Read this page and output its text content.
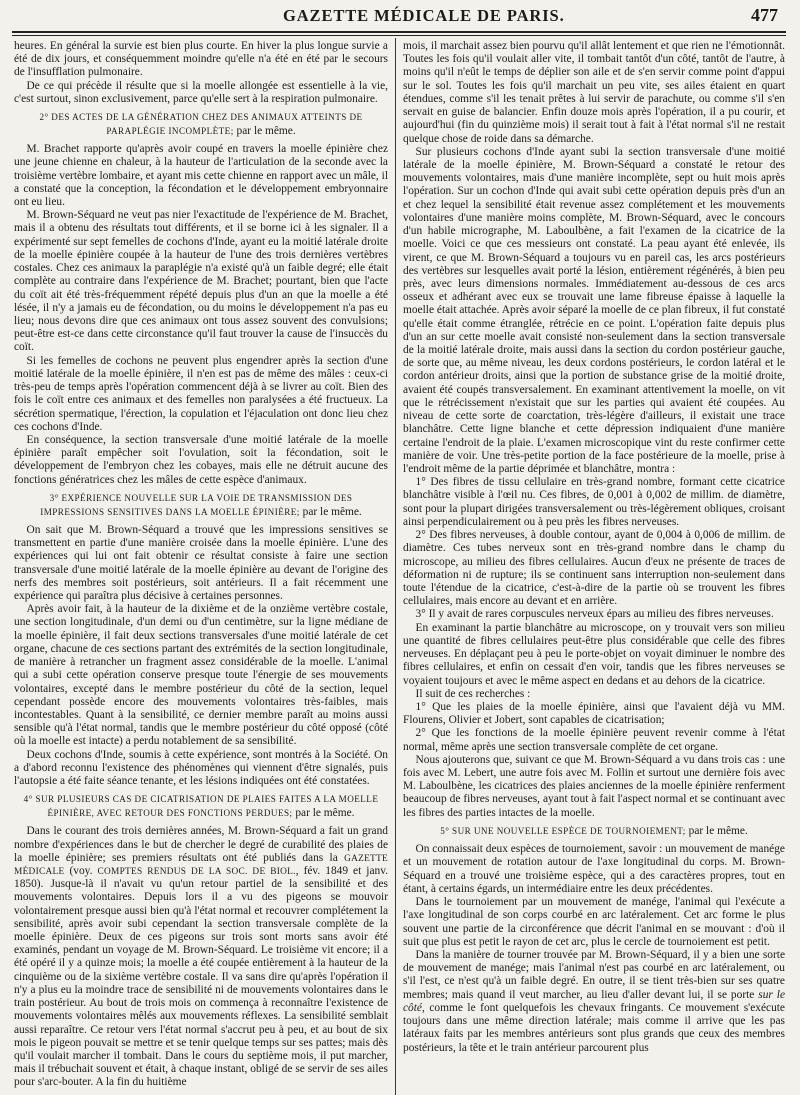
GAZETTE MÉDICALE DE PARIS.	477

heures. En général la survie est bien plus courte. En hiver la plus longue survie a été de dix jours, et conséquemment moindre qu'elle n'a été en été par le secours de l'insufflation pulmonaire.

De ce qui précède il résulte que si la moelle allongée est essentielle à la vie, c'est surtout, sinon exclusivement, parce qu'elle sert à la respiration pulmonaire.

2° DES ACTES DE LA GÉNÉRATION CHEZ DES ANIMAUX ATTEINTS DE PARAPLÉGIE INCOMPLÈTE; par le même.

M. Brachet rapporte qu'après avoir coupé en travers la moelle épinière chez une jeune chienne en chaleur, à la hauteur de l'articulation de la seconde avec la troisième vertèbre lombaire, et ayant mis cette chienne en rapport avec un mâle, il a constaté que la conception, la fécondation et le développement embryonnaire ont eu lieu.

M. Brown-Séquard ne veut pas nier l'exactitude de l'expérience de M. Brachet, mais il a obtenu des résultats tout différents, et il se borne ici à les signaler. Il a expérimenté sur sept femelles de cochons d'Inde, ayant eu la moitié latérale droite de la moelle épinière coupée à la hauteur de l'une des trois dernières vertèbres costales. Chez ces animaux la paraplégie n'a existé qu'à un faible degré; elle était complète au contraire dans l'expérience de M. Brachet; pourtant, bien que l'acte du coït ait été très-fréquemment répété depuis plus d'un an que la moelle a été lésée, il n'y a jamais eu de fécondation, ou du moins le développement n'a pas eu lieu; nous devons dire que ces animaux ont tous assez souvent des convulsions; peut-être est-ce dans cette circonstance qu'il faut trouver la cause de l'insuccès du coït.

Si les femelles de cochons ne peuvent plus engendrer après la section d'une moitié latérale de la moelle épinière, il n'en est pas de même des mâles : ceux-ci très-peu de temps après l'opération commencent déjà à se livrer au coït. Bien des fois le coït entre ces animaux et des femelles non paralysées a été fructueux. La sécrétion spermatique, l'érection, la copulation et l'éjaculation ont donc lieu chez ces cochons d'Inde.

En conséquence, la section transversale d'une moitié latérale de la moelle épinière paraît empêcher soit l'ovulation, soit la fécondation, soit le développement de l'embryon chez les cobayes, mais elle ne détruit aucune des fonctions génératrices chez les mâles de cette espèce d'animaux.

3° EXPÉRIENCE NOUVELLE SUR LA VOIE DE TRANSMISSION DES IMPRESSIONS SENSITIVES DANS LA MOELLE ÉPINIÈRE; par le même.

On sait que M. Brown-Séquard a trouvé que les impressions sensitives se transmettent en partie d'une manière croisée dans la moelle épinière. L'une des expériences qui lui ont fait obtenir ce résultat consiste à faire une section transversale d'une moitié latérale de la moelle épinière au devant de l'origine des nerfs des membres soit postérieurs, soit antérieurs. Il a fait récemment une expérience qui paraîtra plus décisive à certaines personnes.

Après avoir fait, à la hauteur de la dixième et de la onzième vertèbre costale, une section longitudinale, d'un demi ou d'un centimètre, sur la ligne médiane de la moelle épinière, il fait deux sections transversales d'une moitié latérale de cet organe, chacune de ces sections partant des extrémités de la section longitudinale, de manière à retrancher un fragment assez considérable de la moelle. L'animal qui a subi cette opération conserve presque toute l'énergie de ses mouvements volontaires, excepté dans le membre postérieur du côté de la section, lequel cependant possède encore des mouvements volontaires très-faibles, mais incontestables. Quant à la sensibilité, ce dernier membre paraît au moins aussi sensible qu'à l'état normal, tandis que le membre postérieur du côté opposé (côté où la moelle est intacte) a perdu notablement de sa sensibilité.

Deux cochons d'Inde, soumis à cette expérience, sont montrés à la Société. On a d'abord reconnu l'existence des phénomènes qui viennent d'être signalés, puis l'autopsie a été faite séance tenante, et les lésions indiquées ont été constatées.

4° SUR PLUSIEURS CAS DE CICATRISATION DE PLAIES FAITES A LA MOELLE ÉPINIÈRE, AVEC RETOUR DES FONCTIONS PERDUES; par le même.

Dans le courant des trois dernières années, M. Brown-Séquard a fait un grand nombre d'expériences dans le but de chercher le degré de curabilité des plaies de la moelle épinière; ses premiers résultats ont été publiés dans la GAZETTE MÉDICALE (voy. COMPTES RENDUS DE LA SOC. DE BIOL., fév. 1849 et janv. 1850). Jusque-là il n'avait vu qu'un retour partiel de la sensibilité et des mouvements volontaires. Depuis lors il a vu des pigeons se mouvoir volontairement presque aussi bien qu'à l'état normal et recouvrer complétement la sensibilité, après avoir subi cependant la section transversale complète de la moelle épinière. Deux de ces pigeons sur trois sont morts sans avoir été examinés, pendant un voyage de M. Brown-Séquard. Le troisième vit encore; il a été opéré il y a quinze mois; la moelle a été coupée entièrement à la hauteur de la cinquième ou de la sixième vertèbre costale. Il va sans dire qu'après l'opération il n'y a plus eu la moindre trace de sensibilité ni de mouvements volontaires dans le train postérieur. Au bout de trois mois on commença à reconnaître l'existence de mouvements volontaires mêlés aux mouvements réflexes. La sensibilité semblait aussi reparaître. Ce retour vers l'état normal s'accrut peu à peu, et au bout de six mois le pigeon pouvait se mettre et se tenir quelque temps sur ses pattes; mais dès qu'il voulait marcher il tombait. Dans le cours du septième mois, il put marcher, mais il trébuchait souvent et était, à chaque instant, obligé de se servir de ses ailes pour s'arc-bouter. A la fin du huitième

mois, il marchait assez bien pourvu qu'il allât lentement et que rien ne l'émotionnât. Toutes les fois qu'il voulait aller vite, il tombait tantôt d'un côté, tantôt de l'autre, à moins qu'il n'eût le temps de déplier son aile et de s'en servir comme point d'appui sur le sol. Toutes les fois qu'il marchait un peu vite, ses ailes étaient en quart étendues, comme s'il les tenait prêtes à lui servir de parachute, ou comme s'il s'en servait en guise de balancier. Enfin douze mois après l'opération, il a pu courir, et aujourd'hui (fin du quinzième mois) il serait tout à fait à l'état normal s'il ne restait quelque chose de roide dans sa démarche.

Sur plusieurs cochons d'Inde ayant subi la section transversale d'une moitié latérale de la moelle épinière, M. Brown-Séquard a constaté le retour des mouvements volontaires, mais d'une manière incomplète, sept ou huit mois après l'opération. Sur un cochon d'Inde qui avait subi cette opération depuis près d'un an et chez lequel la sensibilité était revenue assez complétement et les mouvements volontaires d'une manière moins complète, M. Brown-Séquard, avec le concours d'un habile micrographe, M. Laboulbène, a fait l'examen de la cicatrice de la moelle. Voici ce que ces messieurs ont constaté. La peau ayant été enlevée, ils virent, ce que M. Brown-Séquard a toujours vu en pareil cas, les arcs postérieurs des vertèbres sur lesquelles avait porté la lésion, entièrement régénérés, à bien peu près, avec leurs dimensions normales. Immédiatement au-dessous de ces arcs osseux et adhérant avec eux se trouvait une lame fibreuse épaisse à laquelle la moelle était attachée. Après avoir séparé la moelle de ce plan fibreux, il fut constaté qu'elle était comme étranglée, rétrécie en ce point. L'opération faite depuis plus d'un an sur cette moelle avait consisté non-seulement dans la section transversale de la moitié latérale droite, mais aussi dans la section du cordon postérieur gauche, de sorte que, au même niveau, les deux cordons postérieurs, le cordon latéral et le cordon antérieur droits, ainsi que la portion de substance grise de la moitié droite, avaient été coupés transversalement. En examinant attentivement la moelle, on vit que le rétrécissement n'existait que sur les parties qui avaient été coupées. Au niveau de cette sorte de coarctation, très-légère d'ailleurs, il existait une trace blanchâtre. Cette ligne blanche et cette dépression indiquaient d'une manière certaine l'endroit de la plaie. L'examen microscopique vint du reste confirmer cette manière de voir. Une très-petite portion de la face postérieure de la moelle, prise à l'endroit même de la partie déprimée et blanchâtre, montra :

1° Des fibres de tissu cellulaire en très-grand nombre, formant cette cicatrice blanchâtre visible à l'œil nu. Ces fibres, de 0,001 à 0,002 de millim. de diamètre, sont pour la plupart dirigées transversalement ou très-légèrement obliques, croisant ainsi perpendiculairement ou à peu près les fibres nerveuses.

2° Des fibres nerveuses, à double contour, ayant de 0,004 à 0,006 de millim. de diamètre. Ces tubes nerveux sont en très-grand nombre dans le champ du microscope, au milieu des fibres cellulaires. Aucun d'eux ne présente de traces de déformation ni de rupture; ils se continuent sans interruption non-seulement dans toute l'étendue de la cicatrice, c'est-à-dire de la partie où se trouvent les fibres cellulaires, mais encore au devant et en arrière.

3° Il y avait de rares corpuscules nerveux épars au milieu des fibres nerveuses.

En examinant la partie blanchâtre au microscope, on y trouvait vers son milieu une quantité de fibres cellulaires peut-être plus considérable que celle des fibres nerveuses. En déplaçant peu à peu le porte-objet on voyait diminuer le nombre des fibres cellulaires, et enfin on cessait d'en voir, tandis que les fibres nerveuses se voyaient toujours et avec le même aspect en dedans et au dehors de la cicatrice.

Il suit de ces recherches :

1° Que les plaies de la moelle épinière, ainsi que l'avaient déjà vu MM. Flourens, Olivier et Jobert, sont capables de cicatrisation;

2° Que les fonctions de la moelle épinière peuvent revenir comme à l'état normal, même après une section transversale complète de cet organe.

Nous ajouterons que, suivant ce que M. Brown-Séquard a vu dans trois cas : une fois avec M. Lebert, une autre fois avec M. Follin et surtout une dernière fois avec M. Laboulbène, les cicatrices des plaies anciennes de la moelle épinière renferment beaucoup de fibres nerveuses, ayant tout à fait l'aspect normal et se continuant avec les fibres des parties intactes de la moelle.

5° SUR UNE NOUVELLE ESPÈCE DE TOURNOIEMENT; par le même.

On connaissait deux espèces de tournoiement, savoir : un mouvement de manége et un mouvement de rotation autour de l'axe longitudinal du corps. M. Brown-Séquard en a trouvé une troisième espèce, qui a des caractères propres, tout en étant, à certains égards, un intermédiaire entre les deux précédentes.

Dans le tournoiement par un mouvement de manége, l'animal qui l'exécute a l'axe longitudinal de son corps courbé en arc latéralement. Cet arc forme le plus souvent une partie de la circonférence que décrit l'animal en se mouvant : d'où il suit que plus est petit le rayon de cet arc, plus le cercle de tournoiement est petit.

Dans la manière de tourner trouvée par M. Brown-Séquard, il y a bien une sorte de mouvement de manége; mais l'animal n'est pas courbé en arc latéralement, ou s'il l'est, ce n'est qu'à un faible degré. En outre, il se tient très-bien sur ses quatre membres; mais quand il veut marcher, au lieu d'aller devant lui, il se porte sur le côté, comme le font quelquefois les chevaux fringants. Ce mouvement s'exécute toujours dans une même direction latérale; mais comme il arrive que les pas latéraux faits par les membres antérieurs sont plus grands que ceux des membres postérieurs, la tête et le train antérieur parcourent plus
